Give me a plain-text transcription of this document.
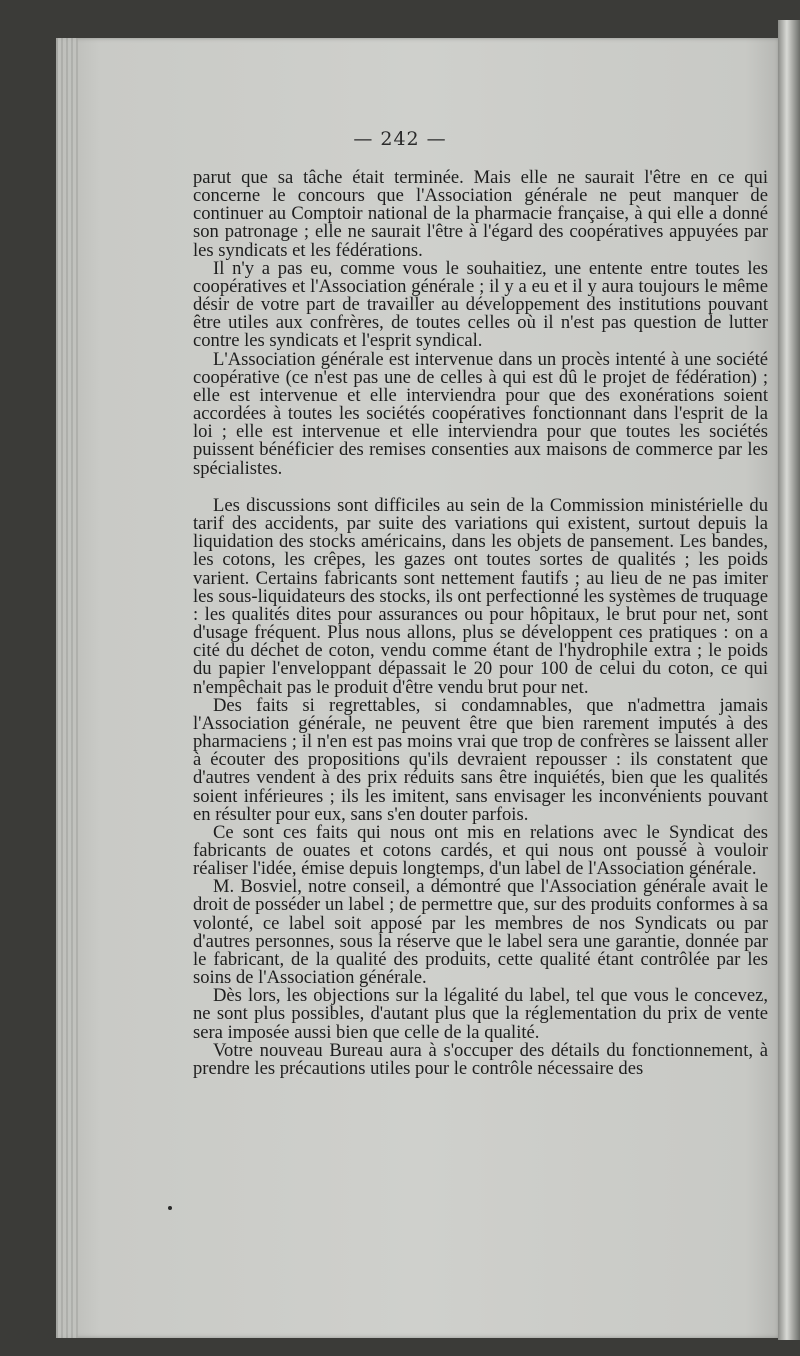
— 242 —

parut que sa tâche était terminée. Mais elle ne saurait l'être en ce qui concerne le concours que l'Association générale ne peut manquer de continuer au Comptoir national de la pharmacie française, à qui elle a donné son patronage ; elle ne saurait l'être à l'égard des coopératives appuyées par les syndicats et les fédérations.

Il n'y a pas eu, comme vous le souhaitiez, une entente entre toutes les coopératives et l'Association générale ; il y a eu et il y aura toujours le même désir de votre part de travailler au développement des institutions pouvant être utiles aux confrères, de toutes celles où il n'est pas question de lutter contre les syndicats et l'esprit syndical.

L'Association générale est intervenue dans un procès intenté à une société coopérative (ce n'est pas une de celles à qui est dû le projet de fédération) ; elle est intervenue et elle interviendra pour que des exonérations soient accordées à toutes les sociétés coopératives fonctionnant dans l'esprit de la loi ; elle est intervenue et elle interviendra pour que toutes les sociétés puissent bénéficier des remises consenties aux maisons de commerce par les spécialistes.

Les discussions sont difficiles au sein de la Commission ministérielle du tarif des accidents, par suite des variations qui existent, surtout depuis la liquidation des stocks américains, dans les objets de pansement. Les bandes, les cotons, les crêpes, les gazes ont toutes sortes de qualités ; les poids varient. Certains fabricants sont nettement fautifs ; au lieu de ne pas imiter les sous-liquidateurs des stocks, ils ont perfectionné les systèmes de truquage : les qualités dites pour assurances ou pour hôpitaux, le brut pour net, sont d'usage fréquent. Plus nous allons, plus se développent ces pratiques : on a cité du déchet de coton, vendu comme étant de l'hydrophile extra ; le poids du papier l'enveloppant dépassait le 20 pour 100 de celui du coton, ce qui n'empêchait pas le produit d'être vendu brut pour net.

Des faits si regrettables, si condamnables, que n'admettra jamais l'Association générale, ne peuvent être que bien rarement imputés à des pharmaciens ; il n'en est pas moins vrai que trop de confrères se laissent aller à écouter des propositions qu'ils devraient repousser : ils constatent que d'autres vendent à des prix réduits sans être inquiétés, bien que les qualités soient inférieures ; ils les imitent, sans envisager les inconvénients pouvant en résulter pour eux, sans s'en douter parfois.

Ce sont ces faits qui nous ont mis en relations avec le Syndicat des fabricants de ouates et cotons cardés, et qui nous ont poussé à vouloir réaliser l'idée, émise depuis longtemps, d'un label de l'Association générale.

M. Bosviel, notre conseil, a démontré que l'Association générale avait le droit de posséder un label ; de permettre que, sur des produits conformes à sa volonté, ce label soit apposé par les membres de nos Syndicats ou par d'autres personnes, sous la réserve que le label sera une garantie, donnée par le fabricant, de la qualité des produits, cette qualité étant contrôlée par les soins de l'Association générale.

Dès lors, les objections sur la légalité du label, tel que vous le concevez, ne sont plus possibles, d'autant plus que la réglementation du prix de vente sera imposée aussi bien que celle de la qualité.

Votre nouveau Bureau aura à s'occuper des détails du fonctionnement, à prendre les précautions utiles pour le contrôle nécessaire des
